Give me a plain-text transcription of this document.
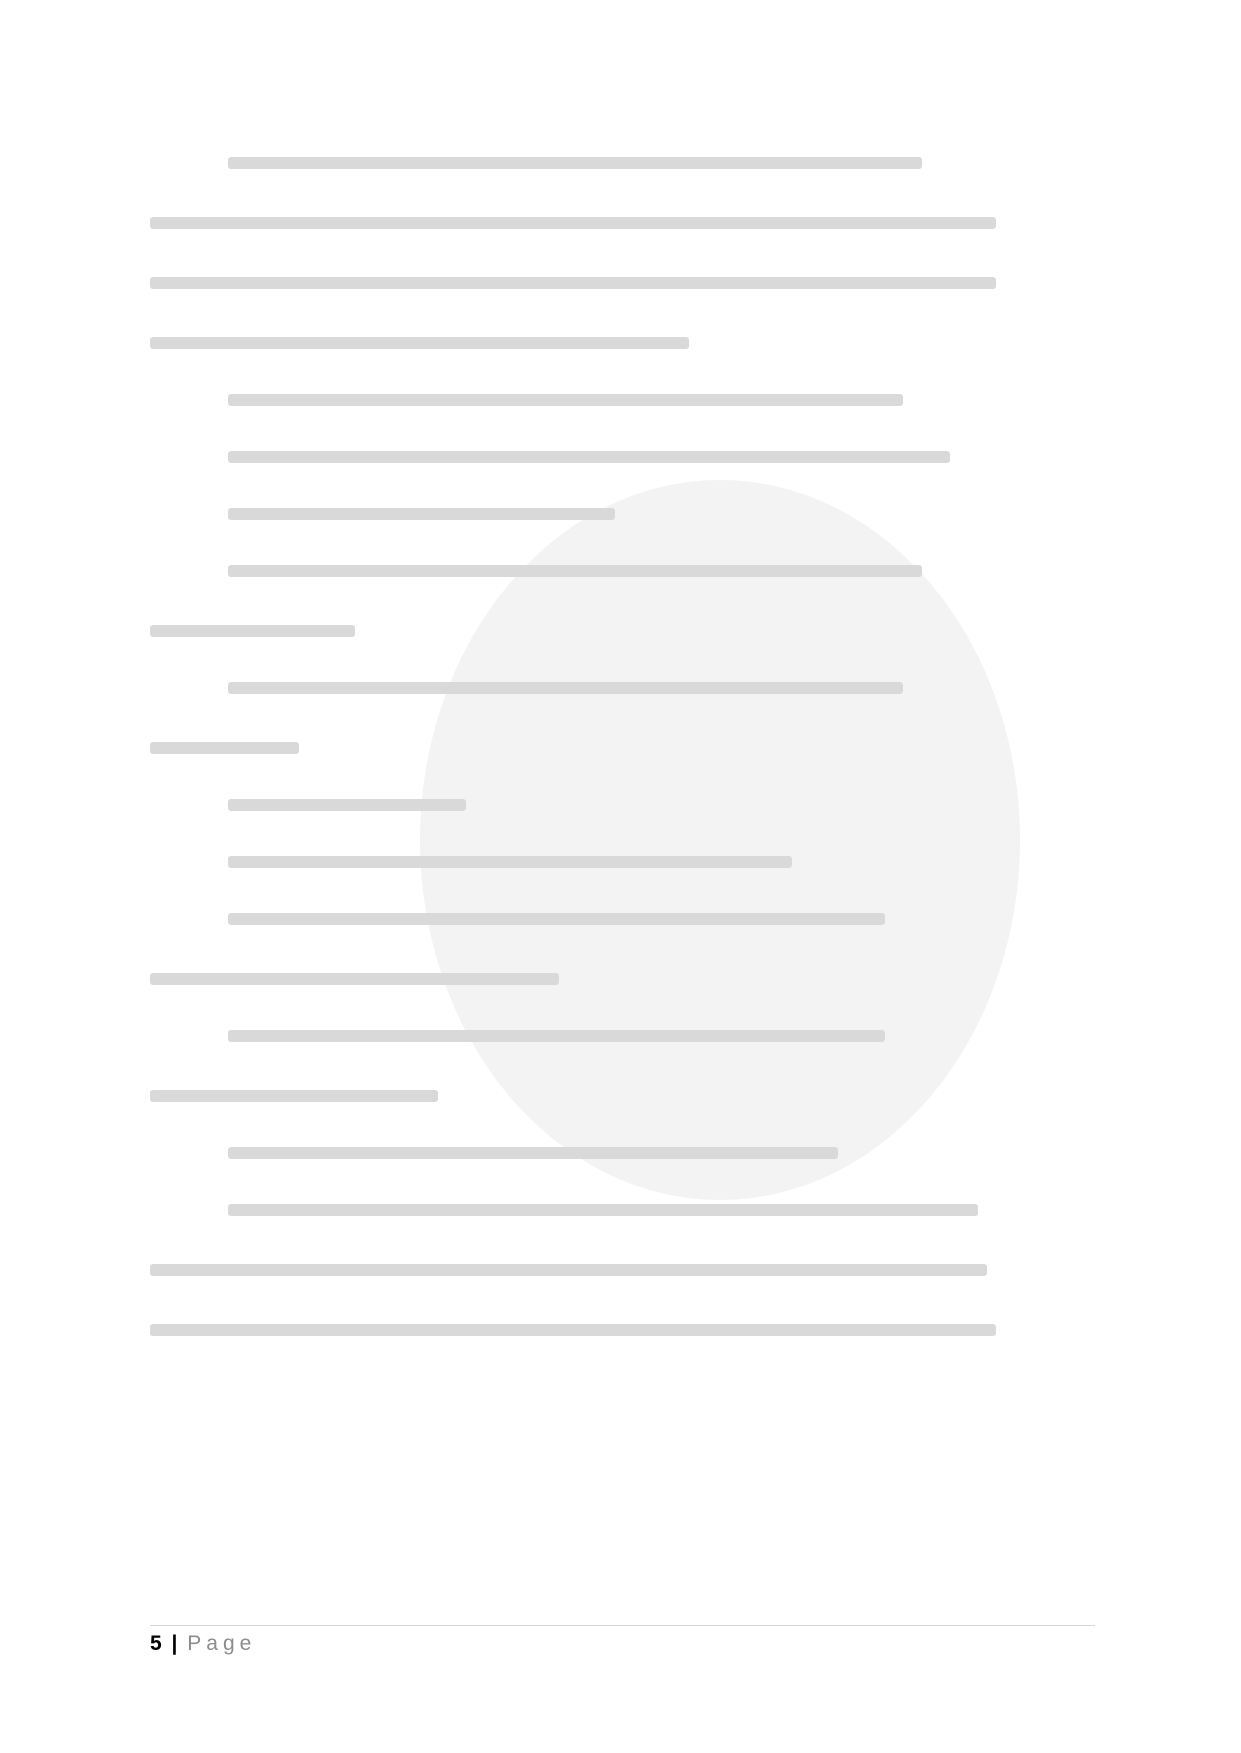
5 | Page
